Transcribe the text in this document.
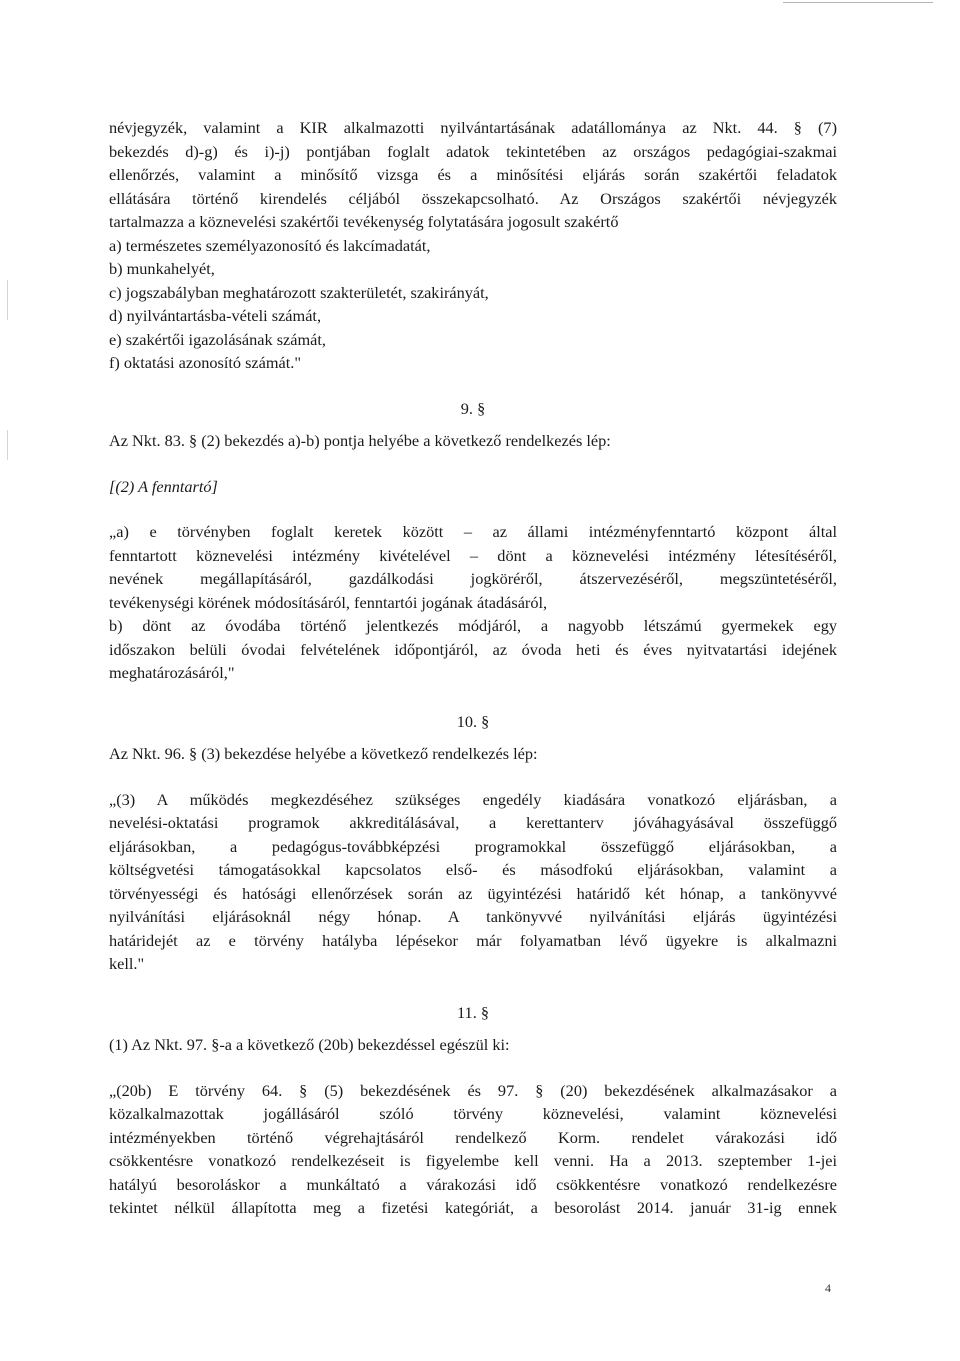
névjegyzék, valamint a KIR alkalmazotti nyilvántartásának adatállománya az Nkt. 44. § (7)
bekezdés d)-g) és i)-j) pontjában foglalt adatok tekintetében az országos pedagógiai-szakmai
ellenőrzés, valamint a minősítő vizsga és a minősítési eljárás során szakértői feladatok
ellátására történő kirendelés céljából összekapcsolható. Az Országos szakértői névjegyzék
tartalmazza a köznevelési szakértői tevékenység folytatására jogosult szakértő
a) természetes személyazonosító és lakcímadatát,
b) munkahelyét,
c) jogszabályban meghatározott szakterületét, szakirányát,
d) nyilvántartásba-vételi számát,
e) szakértői igazolásának számát,
f) oktatási azonosító számát."
9. §
Az Nkt. 83. § (2) bekezdés a)-b) pontja helyébe a következő rendelkezés lép:
[(2) A fenntartó]
„a) e törvényben foglalt keretek között – az állami intézményfenntartó központ által
fenntartott köznevelési intézmény kivételével – dönt a köznevelési intézmény létesítéséről,
nevének megállapításáról, gazdálkodási jogköréről, átszervezéséről, megszüntetéséről,
tevékenységi körének módosításáról, fenntartói jogának átadásáról,
b) dönt az óvodába történő jelentkezés módjáról, a nagyobb létszámú gyermekek egy
időszakon belüli óvodai felvételének időpontjáról, az óvoda heti és éves nyitvatartási idejének
meghatározásáról,"
10. §
Az Nkt. 96. § (3) bekezdése helyébe a következő rendelkezés lép:
„(3) A működés megkezdéséhez szükséges engedély kiadására vonatkozó eljárásban, a
nevelési-oktatási programok akkreditálásával, a kerettanterv jóváhagyásával összefüggő
eljárásokban, a pedagógus-továbbképzési programokkal összefüggő eljárásokban, a
költségvetési támogatásokkal kapcsolatos első- és másodfokú eljárásokban, valamint a
törvényességi és hatósági ellenőrzések során az ügyintézési határidő két hónap, a tankönyvvé
nyilvánítási eljárásoknál négy hónap. A tankönyvvé nyilvánítási eljárás ügyintézési
határidejét az e törvény hatályba lépésekor már folyamatban lévő ügyekre is alkalmazni
kell."
11. §
(1) Az Nkt. 97. §-a a következő (20b) bekezdéssel egészül ki:
„(20b) E törvény 64. § (5) bekezdésének és 97. § (20) bekezdésének alkalmazásakor a
közalkalmazottak jogállásáról szóló törvény köznevelési, valamint köznevelési
intézményekben történő végrehajtásáról rendelkező Korm. rendelet várakozási idő
csökkentésre vonatkozó rendelkezéseit is figyelembe kell venni. Ha a 2013. szeptember 1-jei
hatályú besoroláskor a munkáltató a várakozási idő csökkentésre vonatkozó rendelkezésre
tekintet nélkül állapította meg a fizetési kategóriát, a besorolást 2014. január 31-ig ennek
4
